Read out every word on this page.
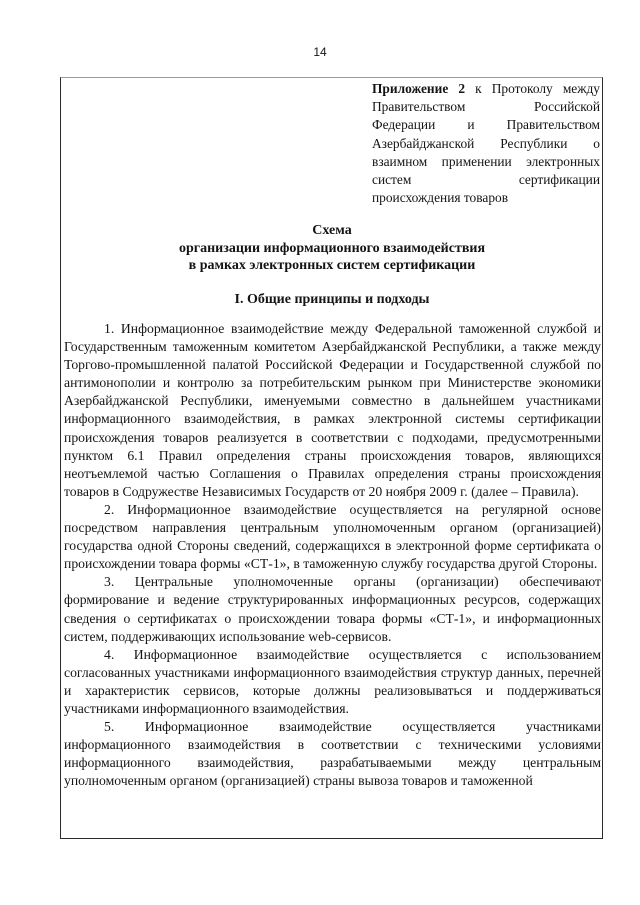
14
Приложение 2 к Протоколу между Правительством Российской Федерации и Правительством Азербайджанской Республики о взаимном применении электронных систем сертификации
происхождения товаров
Схема
организации информационного взаимодействия
в рамках электронных систем сертификации
I. Общие принципы и подходы

1. Информационное взаимодействие между Федеральной таможенной службой и Государственным таможенным комитетом Азербайджанской Республики, а также между Торгово-промышленной палатой Российской Федерации и Государственной службой по антимонополии и контролю за потребительским рынком при Министерстве экономики Азербайджанской Республики, именуемыми совместно в дальнейшем участниками информационного взаимодействия, в рамках электронной системы сертификации происхождения товаров реализуется в соответствии с подходами, предусмотренными пунктом 6.1 Правил определения страны происхождения товаров, являющихся неотъемлемой частью Соглашения о Правилах определения страны происхождения товаров в Содружестве Независимых Государств от 20 ноября 2009 г. (далее – Правила).

2. Информационное взаимодействие осуществляется на регулярной основе посредством направления центральным уполномоченным органом (организацией) государства одной Стороны сведений, содержащихся в электронной форме сертификата о происхождении товара формы «СТ-1», в таможенную службу государства другой Стороны.

3. Центральные уполномоченные органы (организации) обеспечивают формирование и ведение структурированных информационных ресурсов, содержащих сведения о сертификатах о происхождении товара формы «СТ-1», и информационных систем, поддерживающих использование web-сервисов.

4. Информационное взаимодействие осуществляется с использованием согласованных участниками информационного взаимодействия структур данных, перечней и характеристик сервисов, которые должны реализовываться и поддерживаться участниками информационного взаимодействия.

5. Информационное взаимодействие осуществляется участниками информационного взаимодействия в соответствии с техническими условиями информационного взаимодействия, разрабатываемыми между центральным уполномоченным органом (организацией) страны вывоза товаров и таможенной
